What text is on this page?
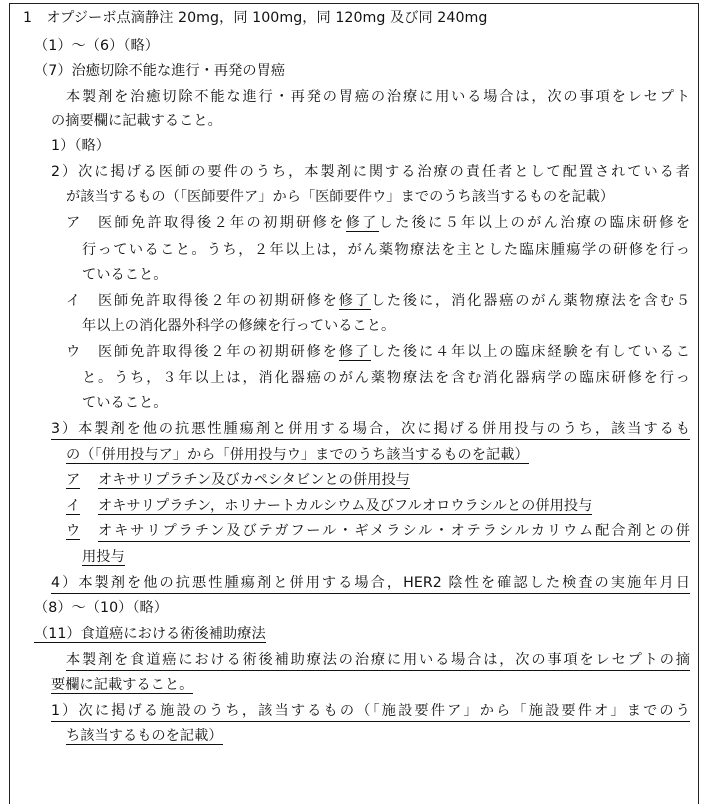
1　オプジーボ点滴静注 20mg，同 100mg，同 120mg 及び同 240mg
（1）～（6）（略）
（7）治癒切除不能な進行・再発の胃癌
本製剤を治癒切除不能な進行・再発の胃癌の治療に用いる場合は，次の事項をレセプト
の摘要欄に記載すること。
1）（略）
2）次に掲げる医師の要件のうち，本製剤に関する治療の責任者として配置されている者
が該当するもの（「医師要件ア」から「医師要件ウ」までのうち該当するものを記載）
ア 医師免許取得後２年の初期研修を修了した後に５年以上のがん治療の臨床研修を
行っていること。うち，２年以上は，がん薬物療法を主とした臨床腫瘍学の研修を行っ
ていること。
イ 医師免許取得後２年の初期研修を修了した後に，消化器癌のがん薬物療法を含む５
年以上の消化器外科学の修練を行っていること。
ウ 医師免許取得後２年の初期研修を修了した後に４年以上の臨床経験を有しているこ
と。うち，３年以上は，消化器癌のがん薬物療法を含む消化器病学の臨床研修を行っ
ていること。
3）本製剤を他の抗悪性腫瘍剤と併用する場合，次に掲げる併用投与のうち，該当するも
の（「併用投与ア」から「併用投与ウ」までのうち該当するものを記載）
ア オキサリプラチン及びカペシタビンとの併用投与
イ オキサリプラチン，ホリナートカルシウム及びフルオロウラシルとの併用投与
ウ オキサリプラチン及びテガフール・ギメラシル・オテラシルカリウム配合剤との併
用投与
4）本製剤を他の抗悪性腫瘍剤と併用する場合，HER2 陰性を確認した検査の実施年月日
（8）～（10）（略）
（11）食道癌における術後補助療法
本製剤を食道癌における術後補助療法の治療に用いる場合は，次の事項をレセプトの摘
要欄に記載すること。
1）次に掲げる施設のうち，該当するもの（「施設要件ア」から「施設要件オ」までのう
ち該当するものを記載）
